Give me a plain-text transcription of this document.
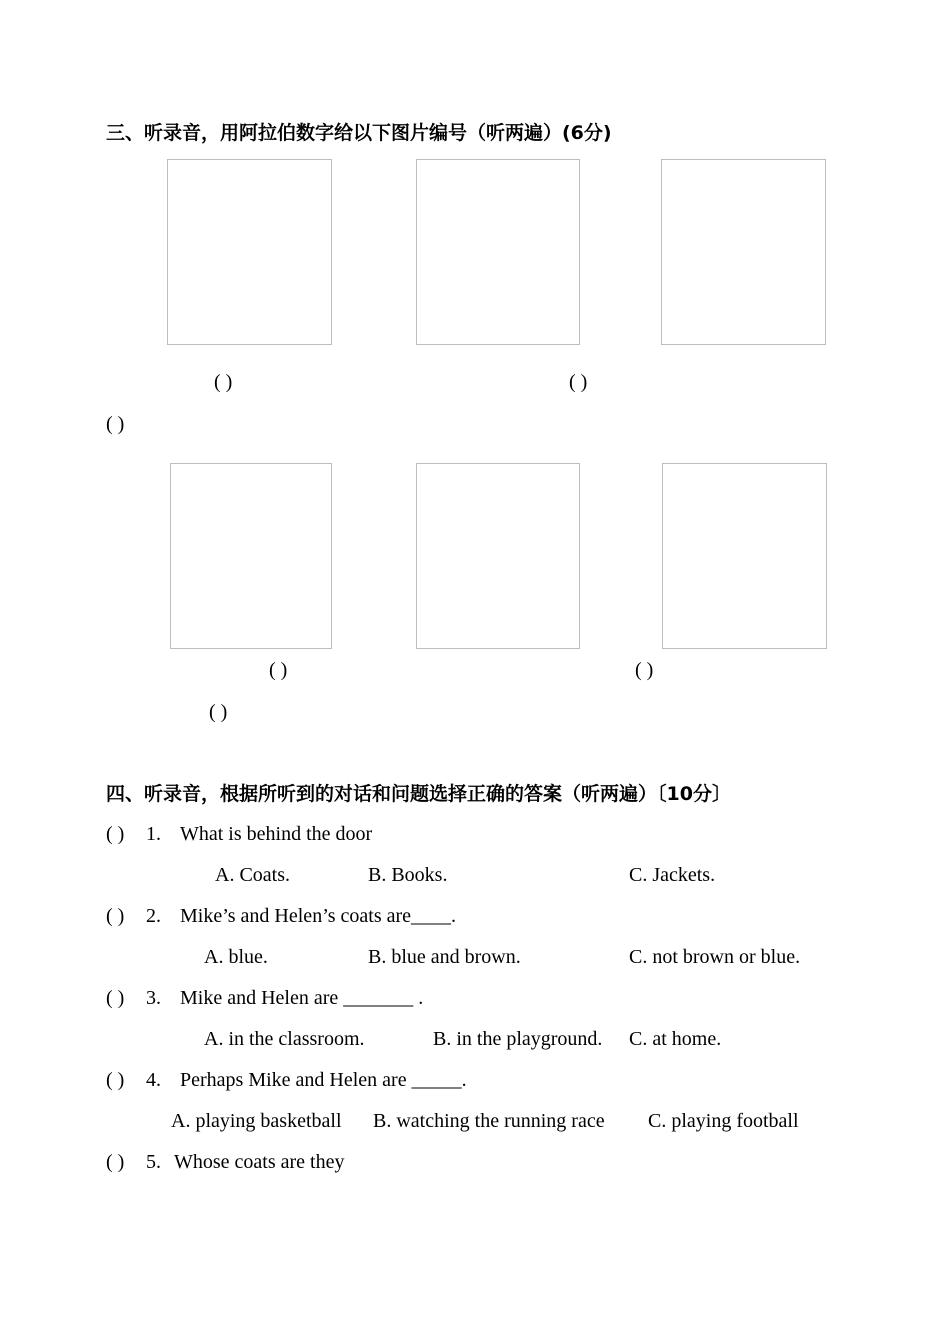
三、听录音，用阿拉伯数字给以下图片编号（听两遍）(6分)
( )	( )
( )
( )	( )
( )
四、听录音，根据所听到的对话和问题选择正确的答案（听两遍）〔10分〕
( ) 1. What is behind the door
A. Coats.	B. Books.	C. Jackets.
( ) 2. Mike’s and Helen’s coats are____.
A. blue.	B. blue and brown.	C. not brown or blue.
( ) 3. Mike and Helen are _______ .
A. in the classroom.	B. in the playground. C. at home.
( ) 4. Perhaps Mike and Helen are _____.
A. playing basketball B. watching the running race C. playing football
( ) 5. Whose coats are they
